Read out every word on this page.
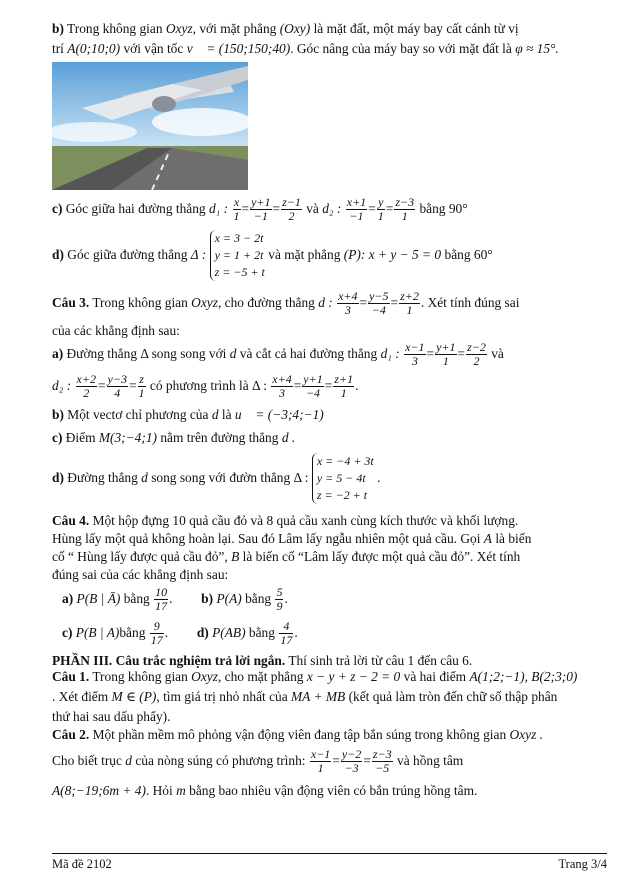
b) Trong không gian Oxyz, với mặt phẳng (Oxy) là mặt đất, một máy bay cất cánh từ vị
trí A(0;10;0) với vận tốc v⃗ = (150;150;40). Góc nâng của máy bay so với mặt đất là φ ≈ 15°.
c) Góc giữa hai đường thẳng d₁ : $\frac{x}{1} = \frac{y+1}{-1} = \frac{z-1}{2}$ và d₂ : $\frac{x+1}{-1} = \frac{y}{1} = \frac{z-3}{1}$ bằng 90°
d) Góc giữa đường thẳng Δ :
x = 3 − 2t
y = 1 + 2t
z = −5 + t
và mặt phẳng (P): x + y − 5 = 0 bằng 60°
Câu 3. Trong không gian Oxyz, cho đường thẳng d : $\frac{x+4}{3} = \frac{y-5}{-4} = \frac{z+2}{1}$ . Xét tính đúng sai
của các khẳng định sau:
a) Đường thẳng Δ song song với d và cắt cả hai đường thẳng d₁ : $\frac{x-1}{3} = \frac{y+1}{1} = \frac{z-2}{2}$ và
d₂ : $\frac{x+2}{2} = \frac{y-3}{4} = \frac{z}{1}$ có phương trình là Δ : $\frac{x+4}{3} = \frac{y+1}{-4} = \frac{z+1}{1}$ .
b) Một vectơ chỉ phương của d là u⃗ = (−3;4;−1)
c) Điểm M(3;−4;1) nằm trên đường thẳng d .
d) Đường thẳng d song song với đườn thẳng Δ :
x = −4 + 3t
y = 5 − 4t
z = −2 + t
.
Câu 4. Một hộp đựng 10 quả cầu đỏ và 8 quả cầu xanh cùng kích thước và khối lượng.
Hùng lấy một quả không hoàn lại. Sau đó Lâm lấy ngẫu nhiên một quả cầu. Gọi A là biến
cố “ Hùng lấy được quả cầu đỏ”, B là biến cố “Lâm lấy được một quả cầu đỏ”. Xét tính
đúng sai của các khẳng định sau:
a) P(B | Ā) bằng $\frac{10}{17}$ .  b) P(A) bằng $\frac{5}{9}$ .
c) P(B | A)bằng $\frac{9}{17}$ .  d) P(AB) bằng $\frac{4}{17}$ .
PHẦN III. Câu trắc nghiệm trả lời ngắn. Thí sinh trả lời từ câu 1 đến câu 6.
Câu 1. Trong không gian Oxyz, cho mặt phẳng x − y + z − 2 = 0 và hai điểm A(1;2;−1), B(2;3;0)
. Xét điểm M ∈ (P), tìm giá trị nhỏ nhất của MA + MB (kết quả làm tròn đến chữ số thập phân
thứ hai sau dấu phẩy).
Câu 2. Một phần mềm mô phỏng vận động viên đang tập bắn súng trong không gian Oxyz .
Cho biết trục d của nòng súng có phương trình: $\frac{x-1}{1} = \frac{y-2}{-3} = \frac{z-3}{-5}$ và hồng tâm
A(8;−19;6m + 4). Hỏi m bằng bao nhiêu vận động viên có bắn trúng hồng tâm.
Mã đề 2102	Trang 3/4
